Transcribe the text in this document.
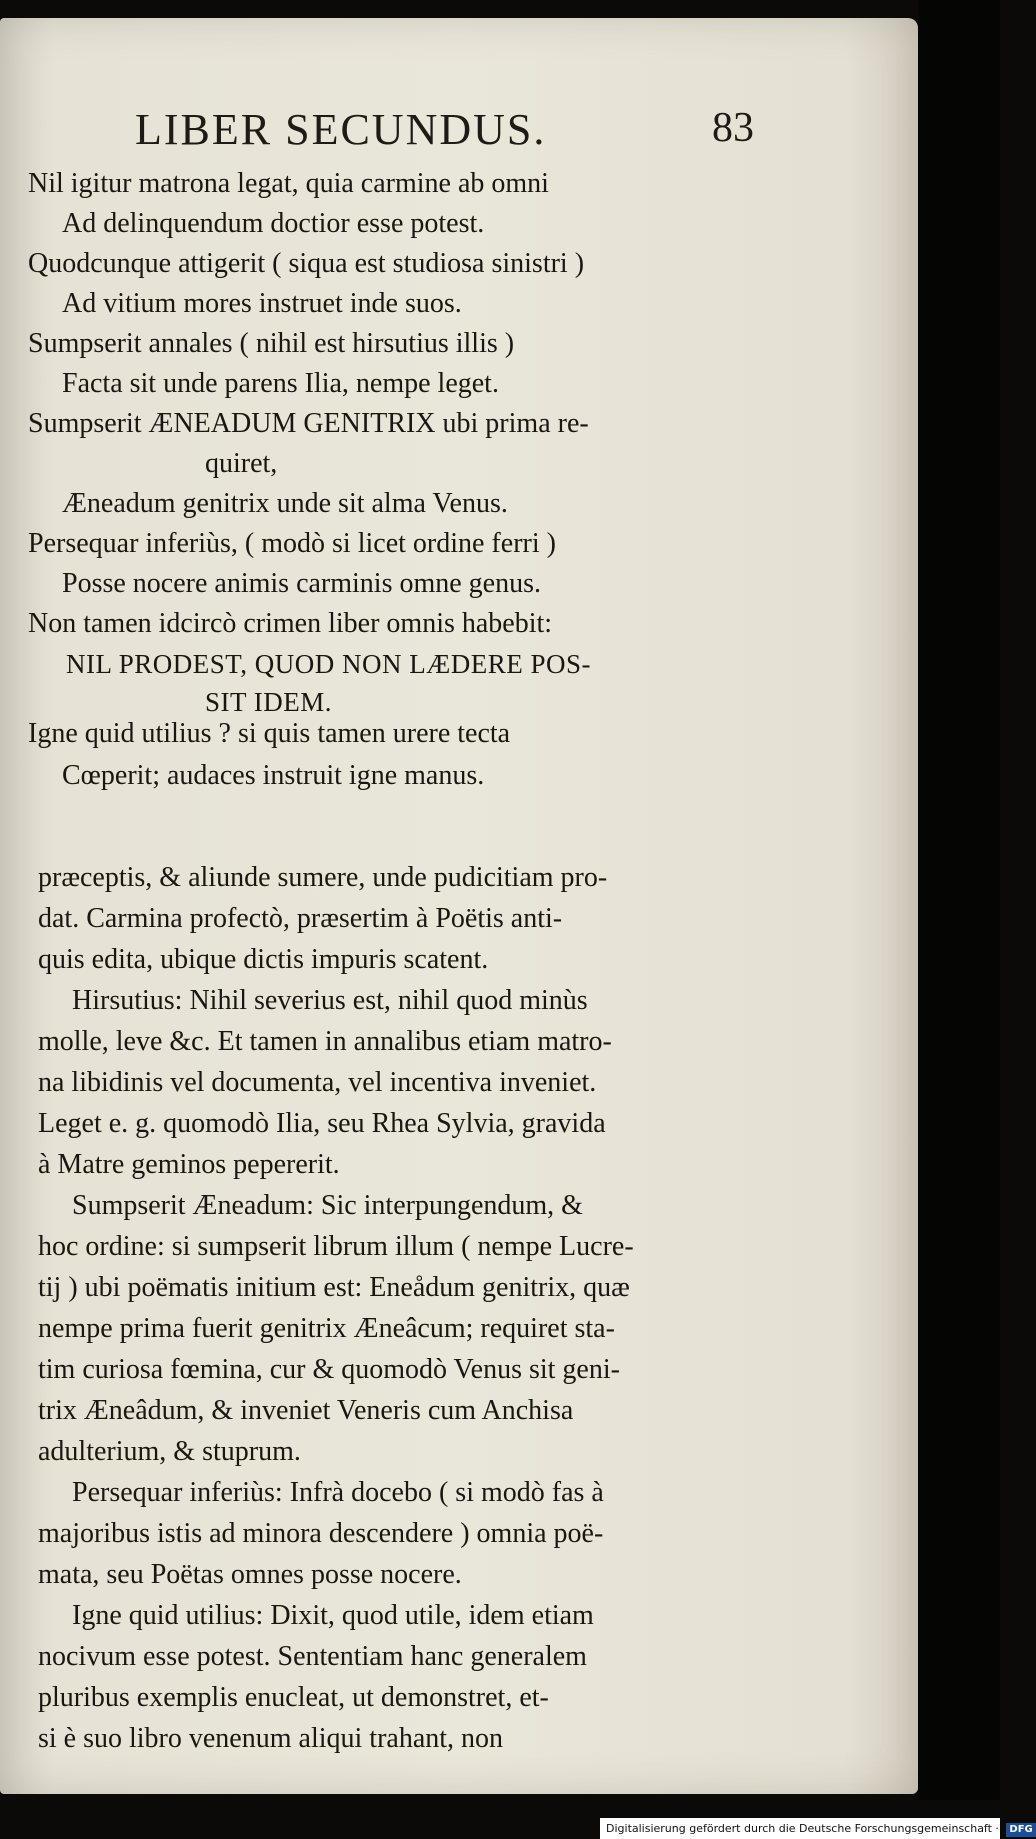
LIBER SECUNDUS.	83
Nil igitur matrona legat, quia carmine ab omni
Ad delinquendum doctior esse potest.
Quodcunque attigerit ( siqua est studiosa sinistri )
Ad vitium mores instruet inde suos.
Sumpserit annales ( nihil est hirsutius illis )
Facta sit unde parens Ilia, nempe leget.
Sumpserit ÆNEADUM GENITRIX ubi prima re-
quiret,
Æneadum genitrix unde sit alma Venus.
Persequar inferiùs, ( modò si licet ordine ferri )
Posse nocere animis carminis omne genus.
Non tamen idcircò crimen liber omnis habebit:
NIL PRODEST, QUOD NON LÆDERE POS-
SIT IDEM.
Igne quid utilius ? si quis tamen urere tecta
Cœperit; audaces instruit igne manus.
præceptis, & aliunde sumere, unde pudicitiam pro-
dat. Carmina profectò, præsertim à Poëtis anti-
quis edita, ubique dictis impuris scatent.
Hirsutius: Nihil severius est, nihil quod minùs
molle, leve &c. Et tamen in annalibus etiam matro-
na libidinis vel documenta, vel incentiva inveniet.
Leget e. g. quomodò Ilia, seu Rhea Sylvia, gravida
à Matre geminos pepererit.
Sumpserit Æneadum: Sic interpungendum, &
hoc ordine: si sumpserit librum illum ( nempe Lucre-
tij ) ubi poëmatis initium est: Eneådum genitrix, quæ
nempe prima fuerit genitrix Æneâcum; requiret sta-
tim curiosa fœmina, cur & quomodò Venus sit geni-
trix Æneâdum, & inveniet Veneris cum Anchisa
adulterium, & stuprum.
Persequar inferiùs: Infrà docebo ( si modò fas à
majoribus istis ad minora descendere ) omnia poë-
mata, seu Poëtas omnes posse nocere.
Igne quid utilius: Dixit, quod utile, idem etiam
nocivum esse potest. Sententiam hanc generalem
pluribus exemplis enucleat, ut demonstret, et-
si è suo libro venenum aliqui trahant, non
Digitalisierung gefördert durch die Deutsche Forschungsgemeinschaft · DFG
